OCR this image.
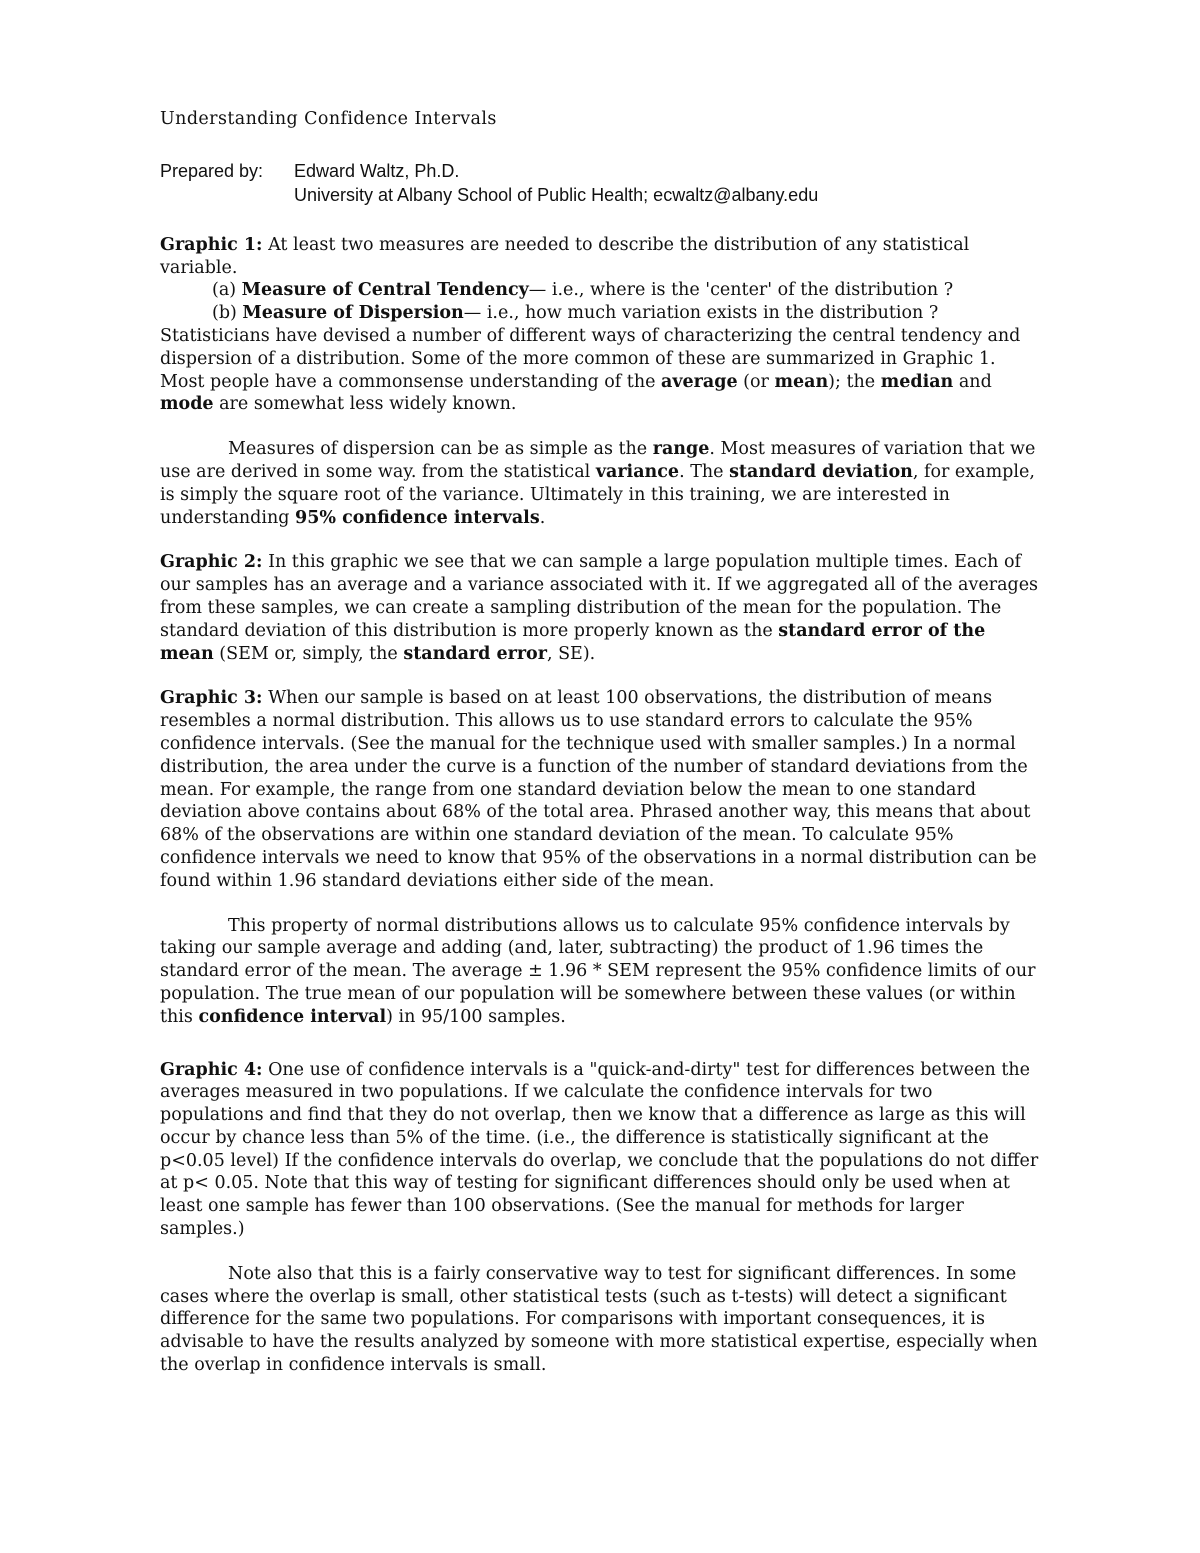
Understanding Confidence Intervals
Prepared by:	Edward Waltz, Ph.D.
University at Albany School of Public Health; ecwaltz@albany.edu
Graphic 1: At least two measures are needed to describe the distribution of any statistical variable.
(a) Measure of Central Tendency— i.e., where is the 'center' of the distribution ?
(b) Measure of Dispersion— i.e., how much variation exists in the distribution ?

Statisticians have devised a number of different ways of characterizing the central tendency and dispersion of a distribution. Some of the more common of these are summarized in Graphic 1. Most people have a commonsense understanding of the average (or mean); the median and mode are somewhat less widely known.

Measures of dispersion can be as simple as the range. Most measures of variation that we use are derived in some way. from the statistical variance. The standard deviation, for example, is simply the square root of the variance. Ultimately in this training, we are interested in understanding 95% confidence intervals.

Graphic 2: In this graphic we see that we can sample a large population multiple times. Each of our samples has an average and a variance associated with it. If we aggregated all of the averages from these samples, we can create a sampling distribution of the mean for the population. The standard deviation of this distribution is more properly known as the standard error of the mean (SEM or, simply, the standard error, SE).

Graphic 3: When our sample is based on at least 100 observations, the distribution of means resembles a normal distribution. This allows us to use standard errors to calculate the 95% confidence intervals. (See the manual for the technique used with smaller samples.) In a normal distribution, the area under the curve is a function of the number of standard deviations from the mean. For example, the range from one standard deviation below the mean to one standard deviation above contains about 68% of the total area. Phrased another way, this means that about 68% of the observations are within one standard deviation of the mean. To calculate 95% confidence intervals we need to know that 95% of the observations in a normal distribution can be found within 1.96 standard deviations either side of the mean.

This property of normal distributions allows us to calculate 95% confidence intervals by taking our sample average and adding (and, later, subtracting) the product of 1.96 times the standard error of the mean. The average ± 1.96 * SEM represent the 95% confidence limits of our population. The true mean of our population will be somewhere between these values (or within this confidence interval) in 95/100 samples.

Graphic 4: One use of confidence intervals is a "quick-and-dirty" test for differences between the averages measured in two populations. If we calculate the confidence intervals for two populations and find that they do not overlap, then we know that a difference as large as this will occur by chance less than 5% of the time. (i.e., the difference is statistically significant at the p<0.05 level) If the confidence intervals do overlap, we conclude that the populations do not differ at p< 0.05. Note that this way of testing for significant differences should only be used when at least one sample has fewer than 100 observations. (See the manual for methods for larger samples.)

Note also that this is a fairly conservative way to test for significant differences. In some cases where the overlap is small, other statistical tests (such as t-tests) will detect a significant difference for the same two populations. For comparisons with important consequences, it is advisable to have the results analyzed by someone with more statistical expertise, especially when the overlap in confidence intervals is small.
